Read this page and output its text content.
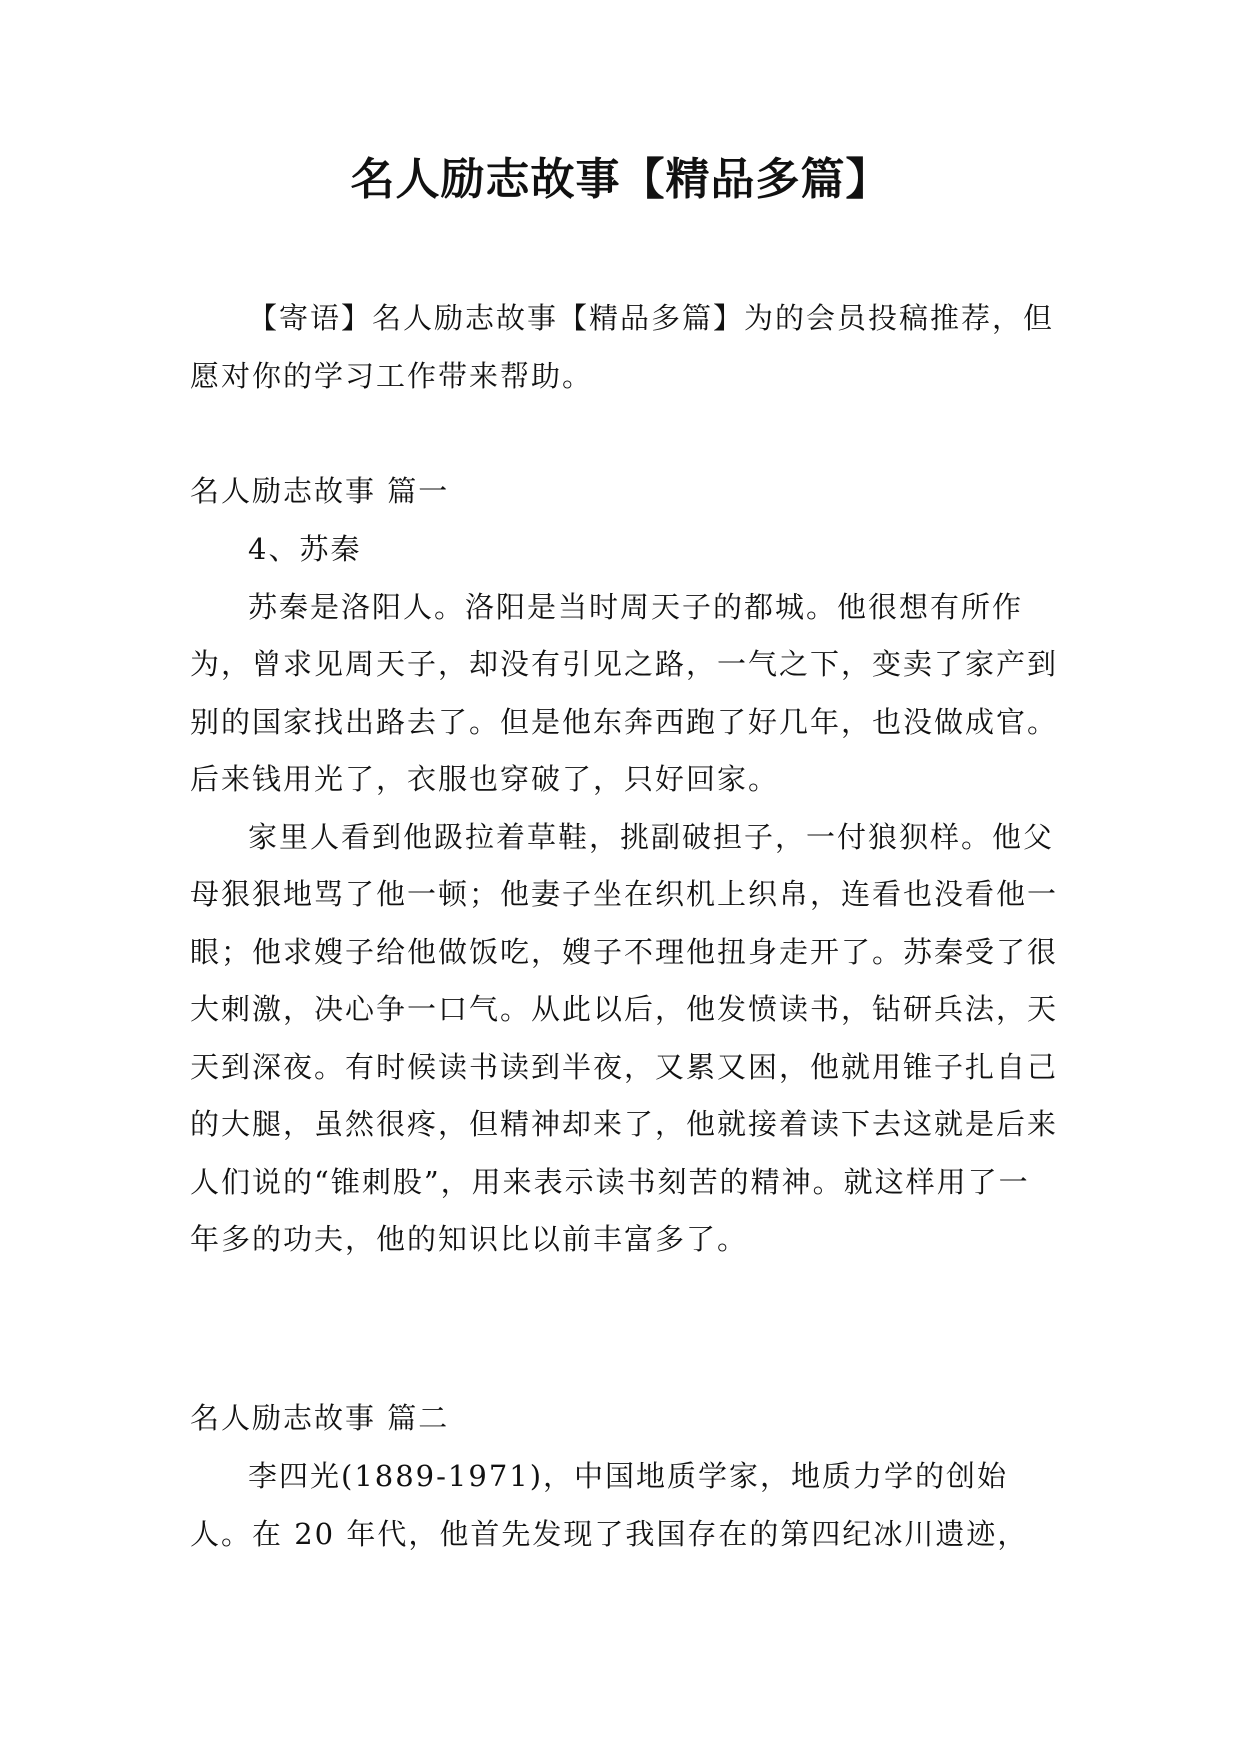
名人励志故事【精品多篇】

【寄语】名人励志故事【精品多篇】为的会员投稿推荐，但愿对你的学习工作带来帮助。

名人励志故事 篇一

4、苏秦

苏秦是洛阳人。洛阳是当时周天子的都城。他很想有所作为，曾求见周天子，却没有引见之路，一气之下，变卖了家产到别的国家找出路去了。但是他东奔西跑了好几年，也没做成官。后来钱用光了，衣服也穿破了，只好回家。

家里人看到他趿拉着草鞋，挑副破担子，一付狼狈样。他父母狠狠地骂了他一顿；他妻子坐在织机上织帛，连看也没看他一眼；他求嫂子给他做饭吃，嫂子不理他扭身走开了。苏秦受了很大刺激，决心争一口气。从此以后，他发愤读书，钻研兵法，天天到深夜。有时候读书读到半夜，又累又困，他就用锥子扎自己的大腿，虽然很疼，但精神却来了，他就接着读下去这就是后来人们说的“锥刺股”，用来表示读书刻苦的精神。就这样用了一年多的功夫，他的知识比以前丰富多了。

名人励志故事 篇二

李四光(1889-1971)，中国地质学家，地质力学的创始人。在 20 年代，他首先发现了我国存在的第四纪冰川遗迹，
